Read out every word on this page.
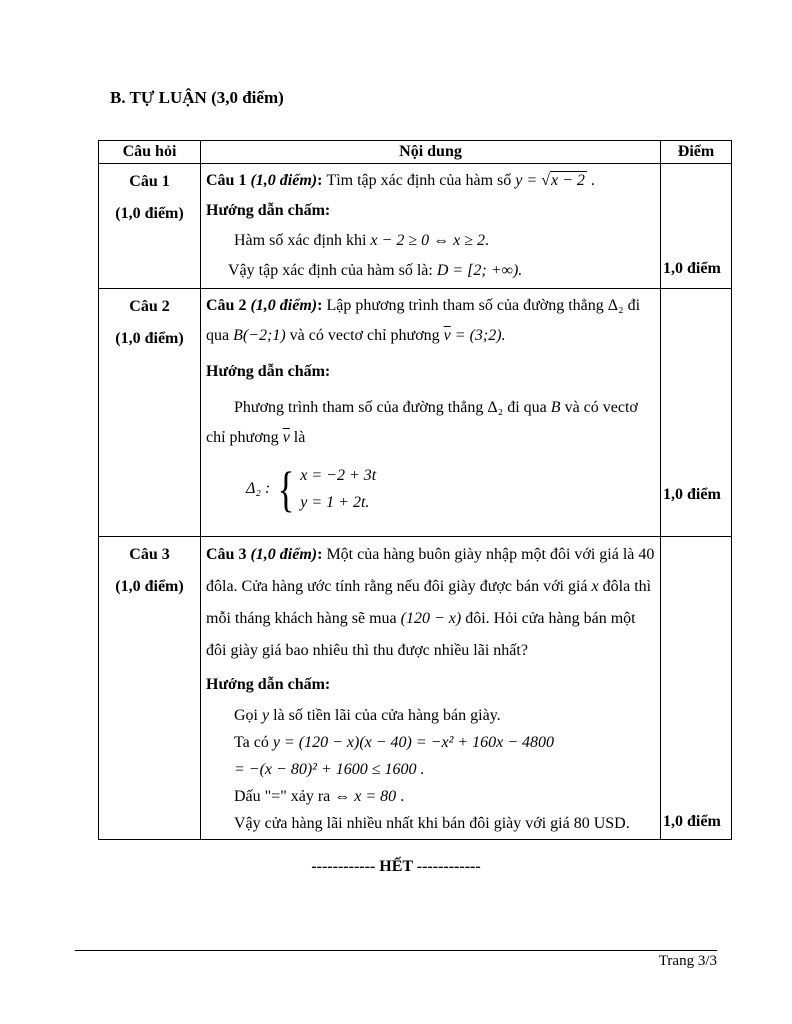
B. TỰ LUẬN (3,0 điểm)
Câu hỏi	Nội dung	Điểm

Câu 1
(1,0 điểm)

Câu 1 (1,0 điểm): Tìm tập xác định của hàm số y = √x − 2 .
Hướng dẫn chấm:
Hàm số xác định khi x − 2 ≥ 0 ⇔ x ≥ 2.
Vậy tập xác định của hàm số là: D = [2; +∞).	1,0 điểm

Câu 2
(1,0 điểm)

Câu 2 (1,0 điểm): Lập phương trình tham số của đường thẳng Δ₂ đi qua B(−2;1) và có vectơ chỉ phương $\overline{v}$ = (3;2).
Hướng dẫn chấm:
Phương trình tham số của đường thẳng Δ₂ đi qua B và có vectơ chỉ phương $\overline{v}$ là
Δ₂ : { x = −2 + 3t
y = 1 + 2t.	1,0 điểm

Câu 3
(1,0 điểm)

Câu 3 (1,0 điểm): Một của hàng buôn giày nhập một đôi với giá là 40 đôla. Cửa hàng ước tính rằng nếu đôi giày được bán với giá x đôla thì mỗi tháng khách hàng sẽ mua (120 − x) đôi. Hỏi cửa hàng bán một đôi giày giá bao nhiêu thì thu được nhiều lãi nhất?
Hướng dẫn chấm:
Gọi y là số tiền lãi của cửa hàng bán giày.
Ta có y = (120 − x)(x − 40) = −x² + 160x − 4800
= −(x − 80)² + 1600 ≤ 1600 .
Dấu "=" xảy ra ⇔ x = 80 .
Vậy cửa hàng lãi nhiều nhất khi bán đôi giày với giá 80 USD.	1,0 điểm
------------ HẾT ------------
Trang 3/3
